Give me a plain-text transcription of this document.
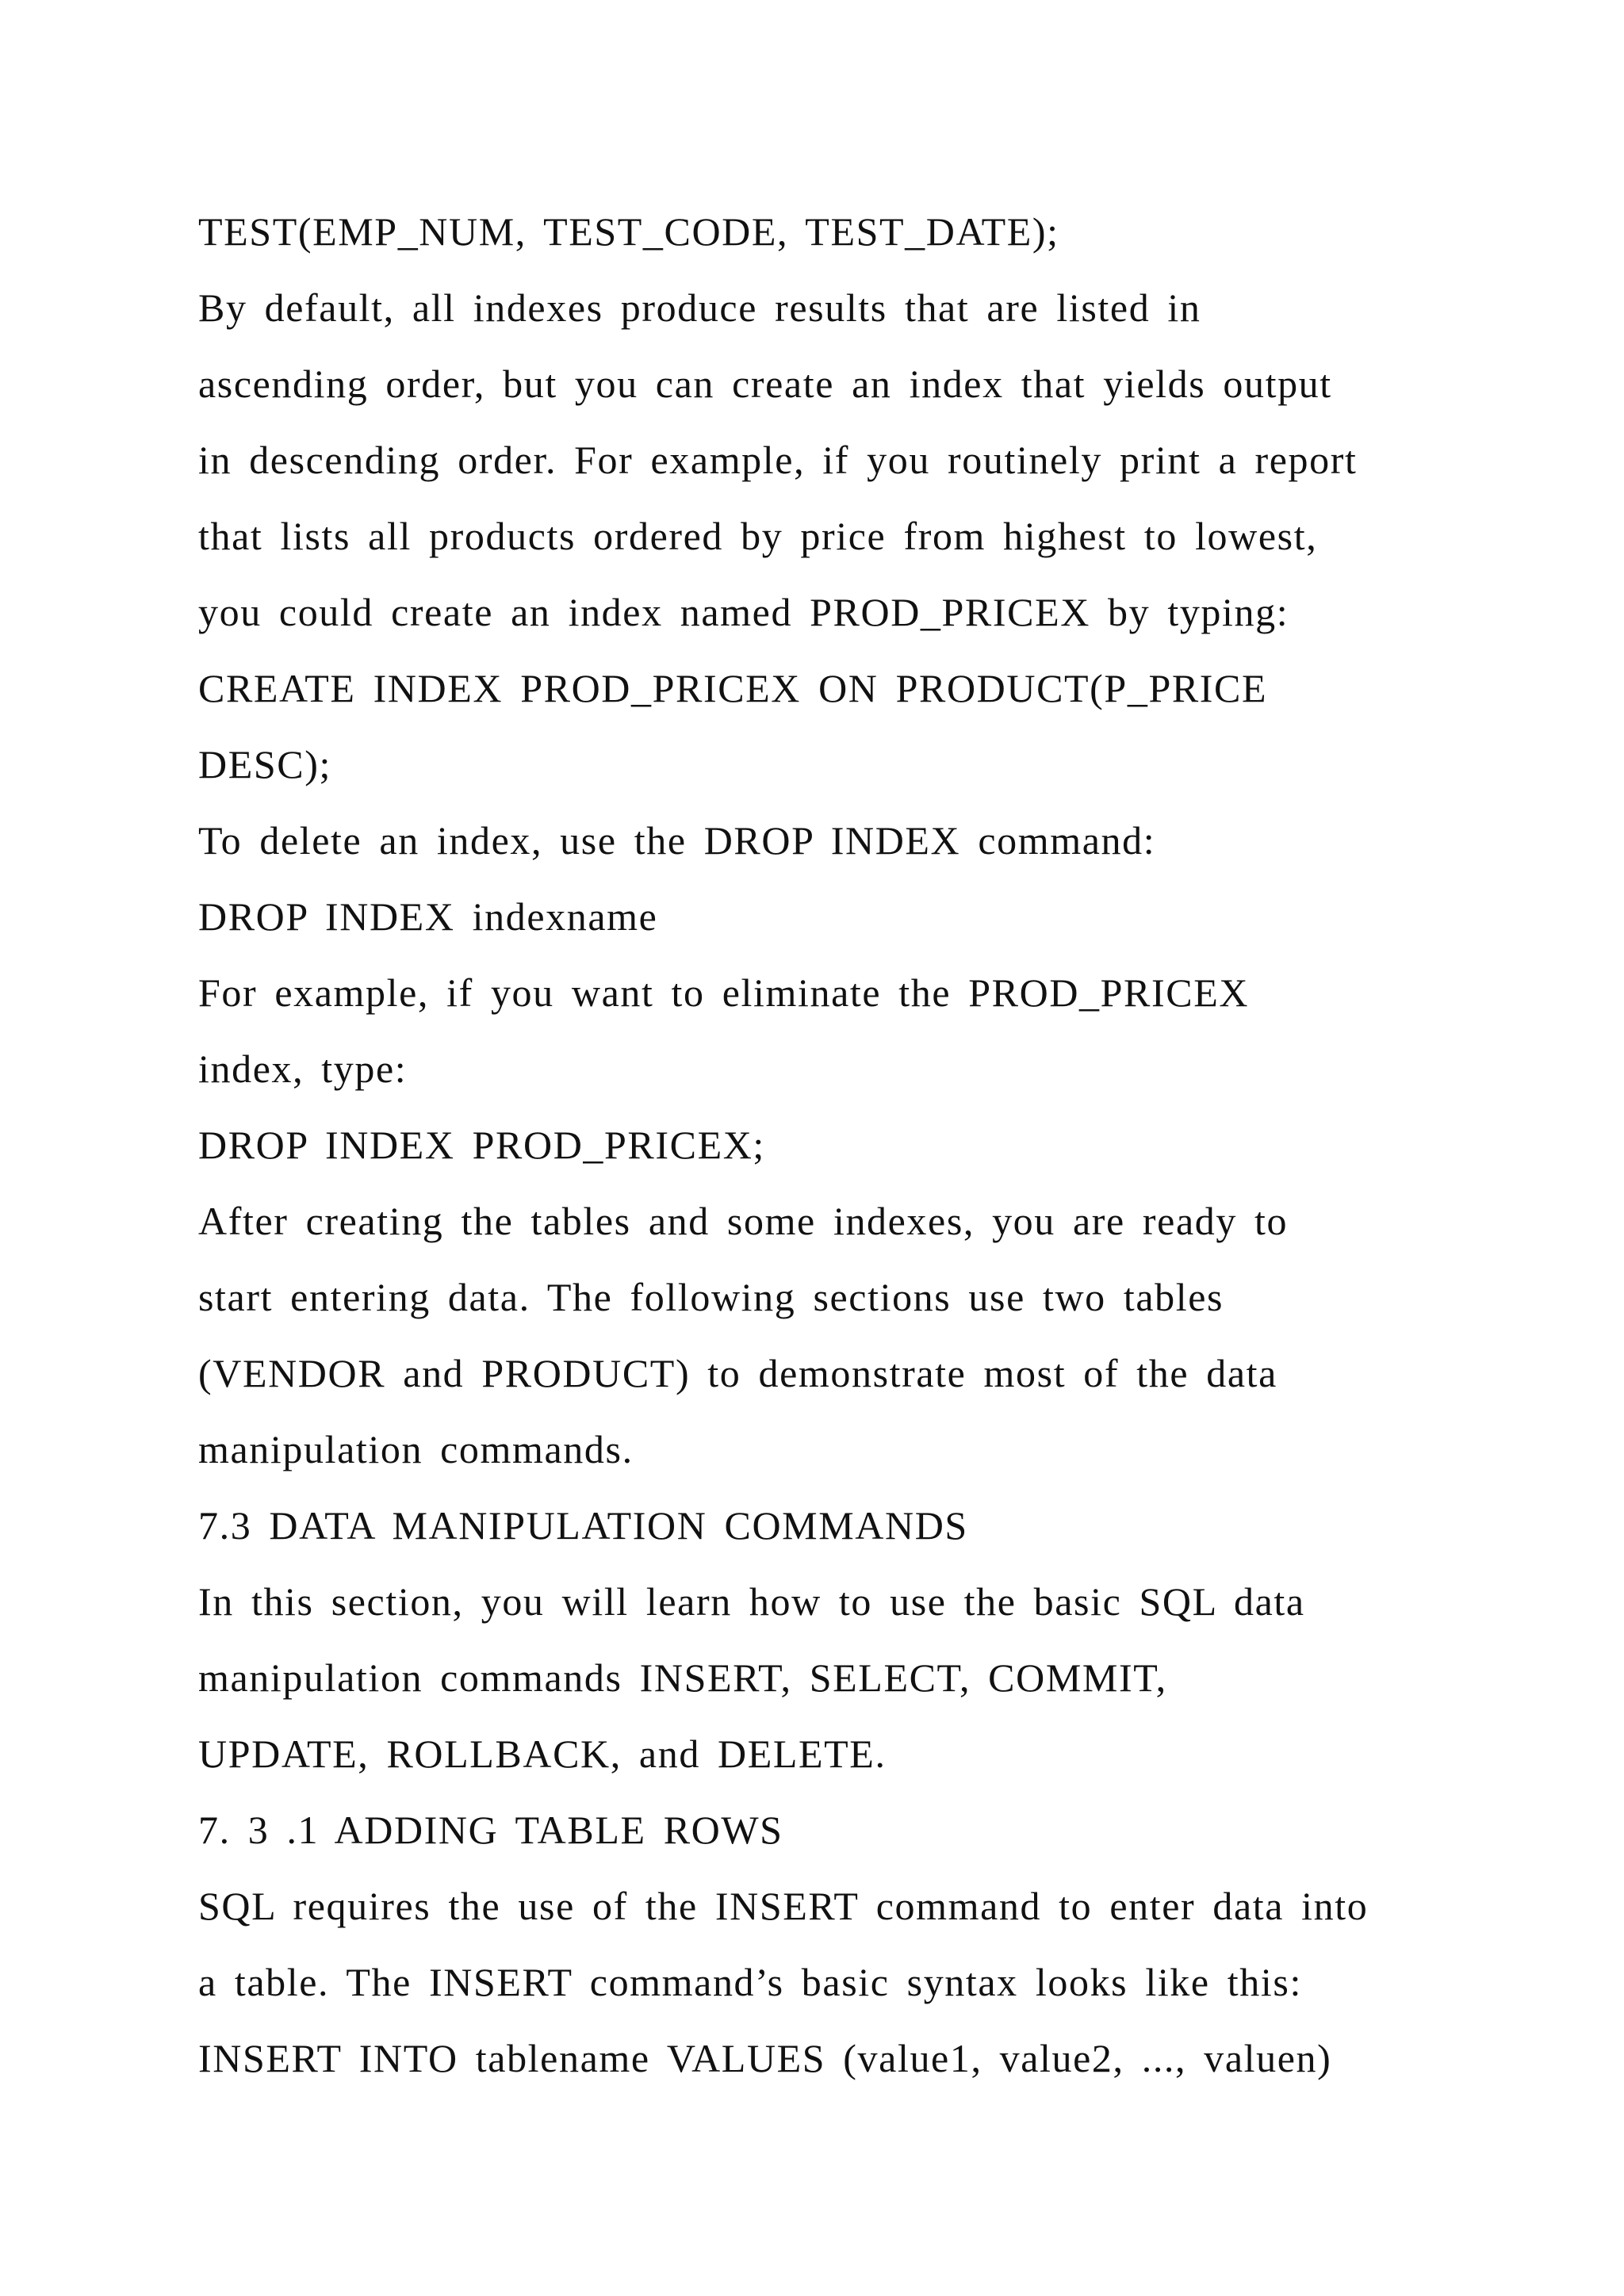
TEST(EMP_NUM, TEST_CODE, TEST_DATE);
By default, all indexes produce results that are listed in
ascending order, but you can create an index that yields output
in descending order. For example, if you routinely print a report
that lists all products ordered by price from highest to lowest,
you could create an index named PROD_PRICEX by typing:
CREATE INDEX PROD_PRICEX ON PRODUCT(P_PRICE
DESC);
To delete an index, use the DROP INDEX command:
DROP INDEX indexname
For example, if you want to eliminate the PROD_PRICEX
index, type:
DROP INDEX PROD_PRICEX;
After creating the tables and some indexes, you are ready to
start entering data. The following sections use two tables
(VENDOR and PRODUCT) to demonstrate most of the data
manipulation commands.
7.3 DATA MANIPULATION COMMANDS
In this section, you will learn how to use the basic SQL data
manipulation commands INSERT, SELECT, COMMIT,
UPDATE, ROLLBACK, and DELETE.
7. 3 .1 ADDING TABLE ROWS
SQL requires the use of the INSERT command to enter data into
a table. The INSERT command’s basic syntax looks like this:
INSERT INTO tablename VALUES (value1, value2, ..., valuen)
